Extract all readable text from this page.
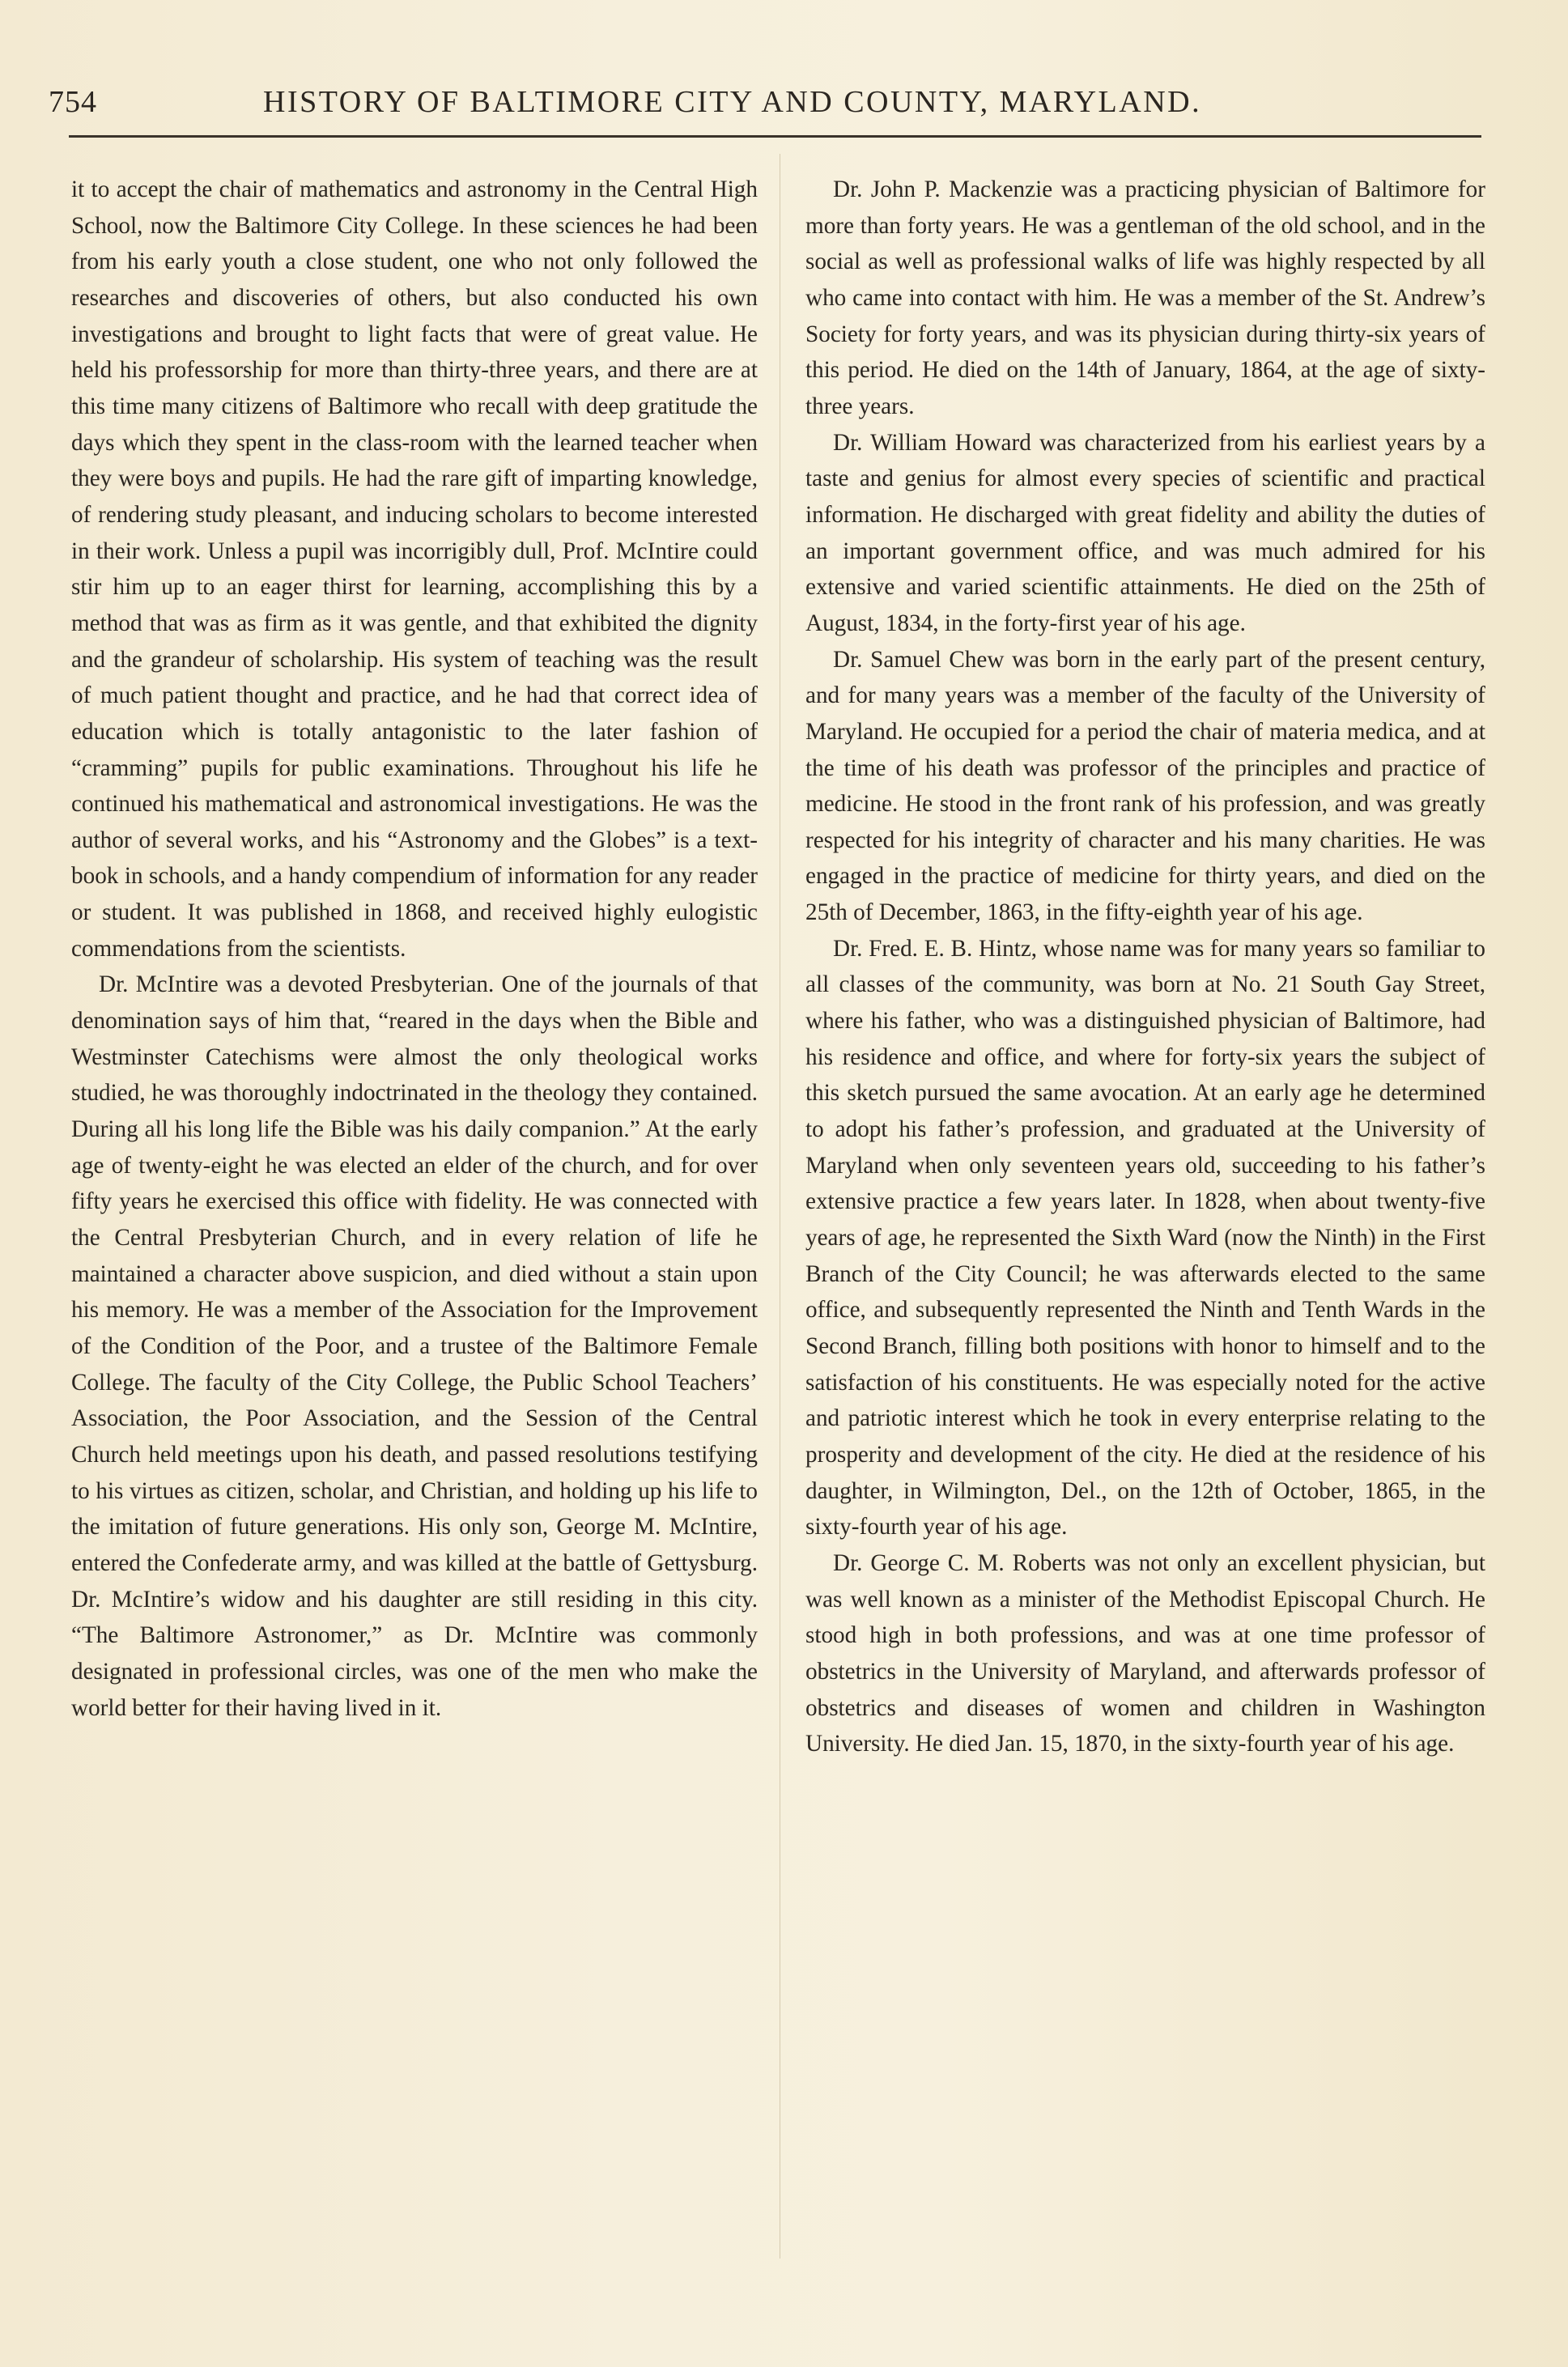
754	HISTORY OF BALTIMORE CITY AND COUNTY, MARYLAND.

it to accept the chair of mathematics and astronomy in the Central High School, now the Baltimore City College. In these sciences he had been from his early youth a close student, one who not only followed the researches and discoveries of others, but also conducted his own investigations and brought to light facts that were of great value. He held his professorship for more than thirty-three years, and there are at this time many citizens of Baltimore who recall with deep gratitude the days which they spent in the class-room with the learned teacher when they were boys and pupils. He had the rare gift of imparting knowledge, of rendering study pleasant, and inducing scholars to become interested in their work. Unless a pupil was incorrigibly dull, Prof. McIntire could stir him up to an eager thirst for learning, accomplishing this by a method that was as firm as it was gentle, and that exhibited the dignity and the grandeur of scholarship. His system of teaching was the result of much patient thought and practice, and he had that correct idea of education which is totally antagonistic to the later fashion of “cramming” pupils for public examinations. Throughout his life he continued his mathematical and astronomical investigations. He was the author of several works, and his “Astronomy and the Globes” is a text-book in schools, and a handy compendium of information for any reader or student. It was published in 1868, and received highly eulogistic commendations from the scientists.

Dr. McIntire was a devoted Presbyterian. One of the journals of that denomination says of him that, “reared in the days when the Bible and Westminster Catechisms were almost the only theological works studied, he was thoroughly indoctrinated in the theology they contained. During all his long life the Bible was his daily companion.” At the early age of twenty-eight he was elected an elder of the church, and for over fifty years he exercised this office with fidelity. He was connected with the Central Presbyterian Church, and in every relation of life he maintained a character above suspicion, and died without a stain upon his memory. He was a member of the Association for the Improvement of the Condition of the Poor, and a trustee of the Baltimore Female College. The faculty of the City College, the Public School Teachers’ Association, the Poor Association, and the Session of the Central Church held meetings upon his death, and passed resolutions testifying to his virtues as citizen, scholar, and Christian, and holding up his life to the imitation of future generations. His only son, George M. McIntire, entered the Confederate army, and was killed at the battle of Gettysburg. Dr. McIntire’s widow and his daughter are still residing in this city. “The Baltimore Astronomer,” as Dr. McIntire was commonly designated in professional circles, was one of the men who make the world better for their having lived in it.

Dr. John P. Mackenzie was a practicing physician of Baltimore for more than forty years. He was a gentleman of the old school, and in the social as well as professional walks of life was highly respected by all who came into contact with him. He was a member of the St. Andrew’s Society for forty years, and was its physician during thirty-six years of this period. He died on the 14th of January, 1864, at the age of sixty-three years.

Dr. William Howard was characterized from his earliest years by a taste and genius for almost every species of scientific and practical information. He discharged with great fidelity and ability the duties of an important government office, and was much admired for his extensive and varied scientific attainments. He died on the 25th of August, 1834, in the forty-first year of his age.

Dr. Samuel Chew was born in the early part of the present century, and for many years was a member of the faculty of the University of Maryland. He occupied for a period the chair of materia medica, and at the time of his death was professor of the principles and practice of medicine. He stood in the front rank of his profession, and was greatly respected for his integrity of character and his many charities. He was engaged in the practice of medicine for thirty years, and died on the 25th of December, 1863, in the fifty-eighth year of his age.

Dr. Fred. E. B. Hintz, whose name was for many years so familiar to all classes of the community, was born at No. 21 South Gay Street, where his father, who was a distinguished physician of Baltimore, had his residence and office, and where for forty-six years the subject of this sketch pursued the same avocation. At an early age he determined to adopt his father’s profession, and graduated at the University of Maryland when only seventeen years old, succeeding to his father’s extensive practice a few years later. In 1828, when about twenty-five years of age, he represented the Sixth Ward (now the Ninth) in the First Branch of the City Council; he was afterwards elected to the same office, and subsequently represented the Ninth and Tenth Wards in the Second Branch, filling both positions with honor to himself and to the satisfaction of his constituents. He was especially noted for the active and patriotic interest which he took in every enterprise relating to the prosperity and development of the city. He died at the residence of his daughter, in Wilmington, Del., on the 12th of October, 1865, in the sixty-fourth year of his age.

Dr. George C. M. Roberts was not only an excellent physician, but was well known as a minister of the Methodist Episcopal Church. He stood high in both professions, and was at one time professor of obstetrics in the University of Maryland, and afterwards professor of obstetrics and diseases of women and children in Washington University. He died Jan. 15, 1870, in the sixty-fourth year of his age.
